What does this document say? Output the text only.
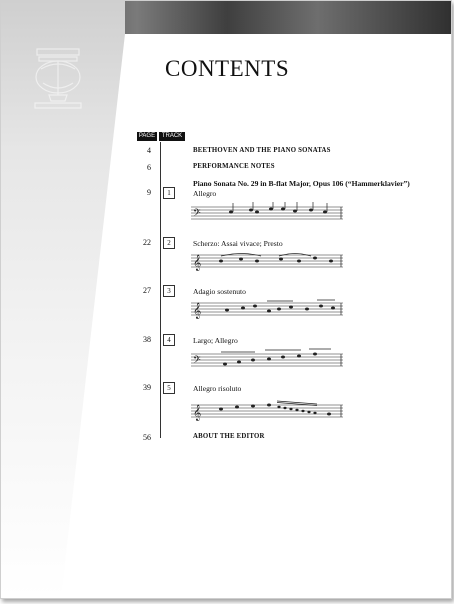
CONTENTS
PAGE	TRACK
4	BEETHOVEN AND THE PIANO SONATAS
6	PERFORMANCE NOTES
Piano Sonata No. 29 in B-flat Major, Opus 106 (“Hammerklavier”)
9	1	Allegro
𝄢
22	2	Scherzo: Assai vivace; Presto
𝄞
27	3	Adagio sostenuto
𝄞
38	4	Largo; Allegro
𝄢
39	5	Allegro risoluto
𝄞
56	ABOUT THE EDITOR
